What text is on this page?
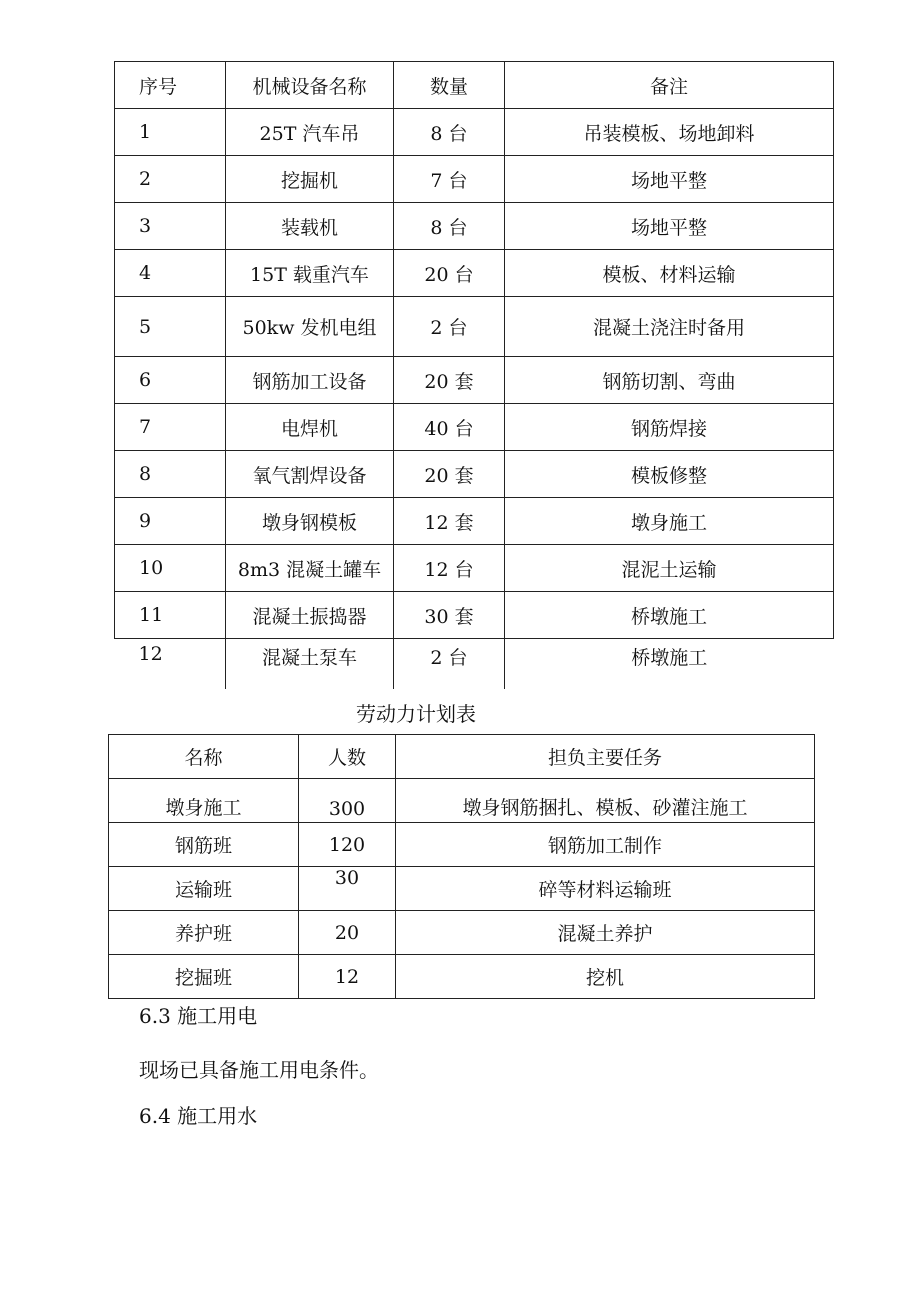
序号	机械设备名称	数量	备注
1	25T 汽车吊	8 台	吊装模板、场地卸料
2	挖掘机	7 台	场地平整
3	装载机	8 台	场地平整
4	15T 载重汽车	20 台	模板、材料运输
5	50kw 发机电组	2 台	混凝土浇注时备用
6	钢筋加工设备	20 套	钢筋切割、弯曲
7	电焊机	40 台	钢筋焊接
8	氧气割焊设备	20 套	模板修整
9	墩身钢模板	12 套	墩身施工
10	8m3 混凝土罐车	12 台	混泥土运输
11	混凝土振捣器	30 套	桥墩施工
12	混凝土泵车	2 台	桥墩施工
劳动力计划表
名称	人数	担负主要任务
墩身施工	300	墩身钢筋捆扎、模板、砂灌注施工
钢筋班	120	钢筋加工制作
运输班	30	碎等材料运输班
养护班	20	混凝土养护
挖掘班	12	挖机
6.3 施工用电
现场已具备施工用电条件。
6.4 施工用水
